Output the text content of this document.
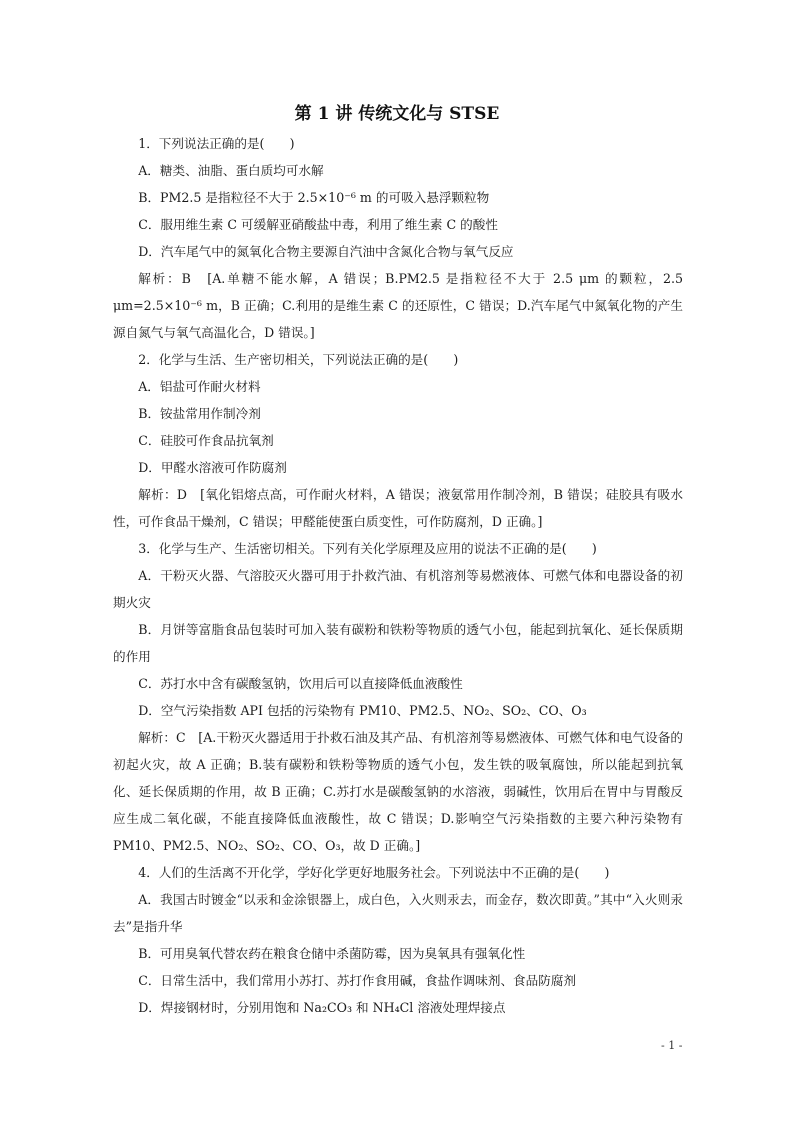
第 1 讲 传统文化与 STSE

1．下列说法正确的是(　　)

A．糖类、油脂、蛋白质均可水解

B．PM2.5 是指粒径不大于 2.5×10⁻⁶ m 的可吸入悬浮颗粒物

C．服用维生素 C 可缓解亚硝酸盐中毒，利用了维生素 C 的酸性

D．汽车尾气中的氮氧化合物主要源自汽油中含氮化合物与氧气反应

解析：B　[A.单糖不能水解，A 错误；B.PM2.5 是指粒径不大于 2.5 μm 的颗粒，2.5 μm=2.5×10⁻⁶ m，B 正确；C.利用的是维生素 C 的还原性，C 错误；D.汽车尾气中氮氧化物的产生源自氮气与氧气高温化合，D 错误。]

2．化学与生活、生产密切相关，下列说法正确的是(　　)

A．铝盐可作耐火材料

B．铵盐常用作制冷剂

C．硅胶可作食品抗氧剂

D．甲醛水溶液可作防腐剂

解析：D　[氧化铝熔点高，可作耐火材料，A 错误；液氨常用作制冷剂，B 错误；硅胶具有吸水性，可作食品干燥剂，C 错误；甲醛能使蛋白质变性，可作防腐剂，D 正确。]

3．化学与生产、生活密切相关。下列有关化学原理及应用的说法不正确的是(　　)

A．干粉灭火器、气溶胶灭火器可用于扑救汽油、有机溶剂等易燃液体、可燃气体和电器设备的初期火灾

B．月饼等富脂食品包装时可加入装有碳粉和铁粉等物质的透气小包，能起到抗氧化、延长保质期的作用

C．苏打水中含有碳酸氢钠，饮用后可以直接降低血液酸性

D．空气污染指数 API 包括的污染物有 PM10、PM2.5、NO₂、SO₂、CO、O₃

解析：C　[A.干粉灭火器适用于扑救石油及其产品、有机溶剂等易燃液体、可燃气体和电气设备的初起火灾，故 A 正确；B.装有碳粉和铁粉等物质的透气小包，发生铁的吸氧腐蚀，所以能起到抗氧化、延长保质期的作用，故 B 正确；C.苏打水是碳酸氢钠的水溶液，弱碱性，饮用后在胃中与胃酸反应生成二氧化碳，不能直接降低血液酸性，故 C 错误；D.影响空气污染指数的主要六种污染物有 PM10、PM2.5、NO₂、SO₂、CO、O₃，故 D 正确。]

4．人们的生活离不开化学，学好化学更好地服务社会。下列说法中不正确的是(　　)

A．我国古时镀金“以汞和金涂银器上，成白色，入火则汞去，而金存，数次即黄。”其中“入火则汞去”是指升华

B．可用臭氧代替农药在粮食仓储中杀菌防霉，因为臭氧具有强氧化性

C．日常生活中，我们常用小苏打、苏打作食用碱，食盐作调味剂、食品防腐剂

D．焊接钢材时，分别用饱和 Na₂CO₃ 和 NH₄Cl 溶液处理焊接点

- 1 -
